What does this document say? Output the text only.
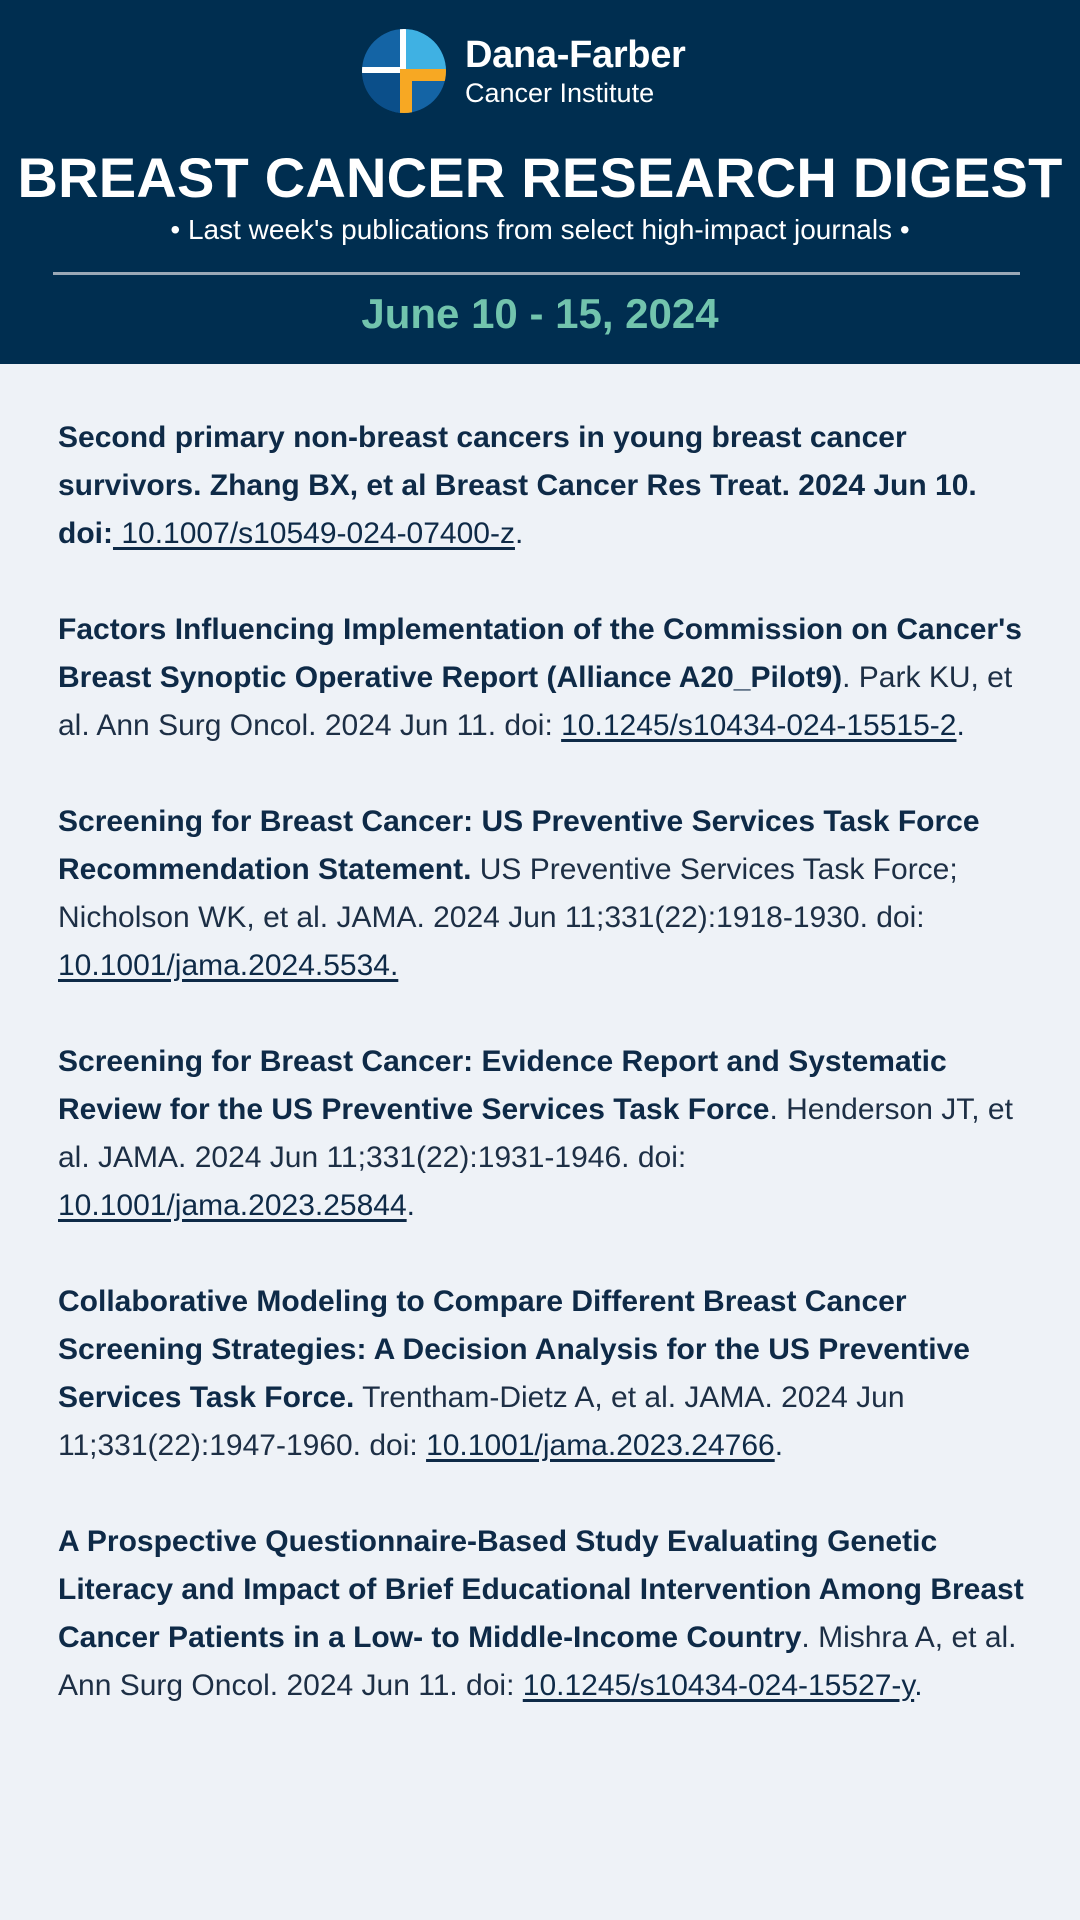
Dana-Farber
Cancer Institute
BREAST CANCER RESEARCH DIGEST
• Last week's publications from select high-impact journals •
June 10 - 15, 2024
Second primary non-breast cancers in young breast cancer survivors. Zhang BX, et al Breast Cancer Res Treat. 2024 Jun 10. doi: 10.1007/s10549-024-07400-z.
Factors Influencing Implementation of the Commission on Cancer's Breast Synoptic Operative Report (Alliance A20_Pilot9). Park KU, et al. Ann Surg Oncol. 2024 Jun 11. doi: 10.1245/s10434-024-15515-2.
Screening for Breast Cancer: US Preventive Services Task Force Recommendation Statement. US Preventive Services Task Force; Nicholson WK, et al. JAMA. 2024 Jun 11;331(22):1918-1930. doi: 10.1001/jama.2024.5534.
Screening for Breast Cancer: Evidence Report and Systematic Review for the US Preventive Services Task Force. Henderson JT, et al. JAMA. 2024 Jun 11;331(22):1931-1946. doi: 10.1001/jama.2023.25844.
Collaborative Modeling to Compare Different Breast Cancer Screening Strategies: A Decision Analysis for the US Preventive Services Task Force. Trentham-Dietz A, et al. JAMA. 2024 Jun 11;331(22):1947-1960. doi: 10.1001/jama.2023.24766.
A Prospective Questionnaire-Based Study Evaluating Genetic Literacy and Impact of Brief Educational Intervention Among Breast Cancer Patients in a Low- to Middle-Income Country. Mishra A, et al. Ann Surg Oncol. 2024 Jun 11. doi: 10.1245/s10434-024-15527-y.
